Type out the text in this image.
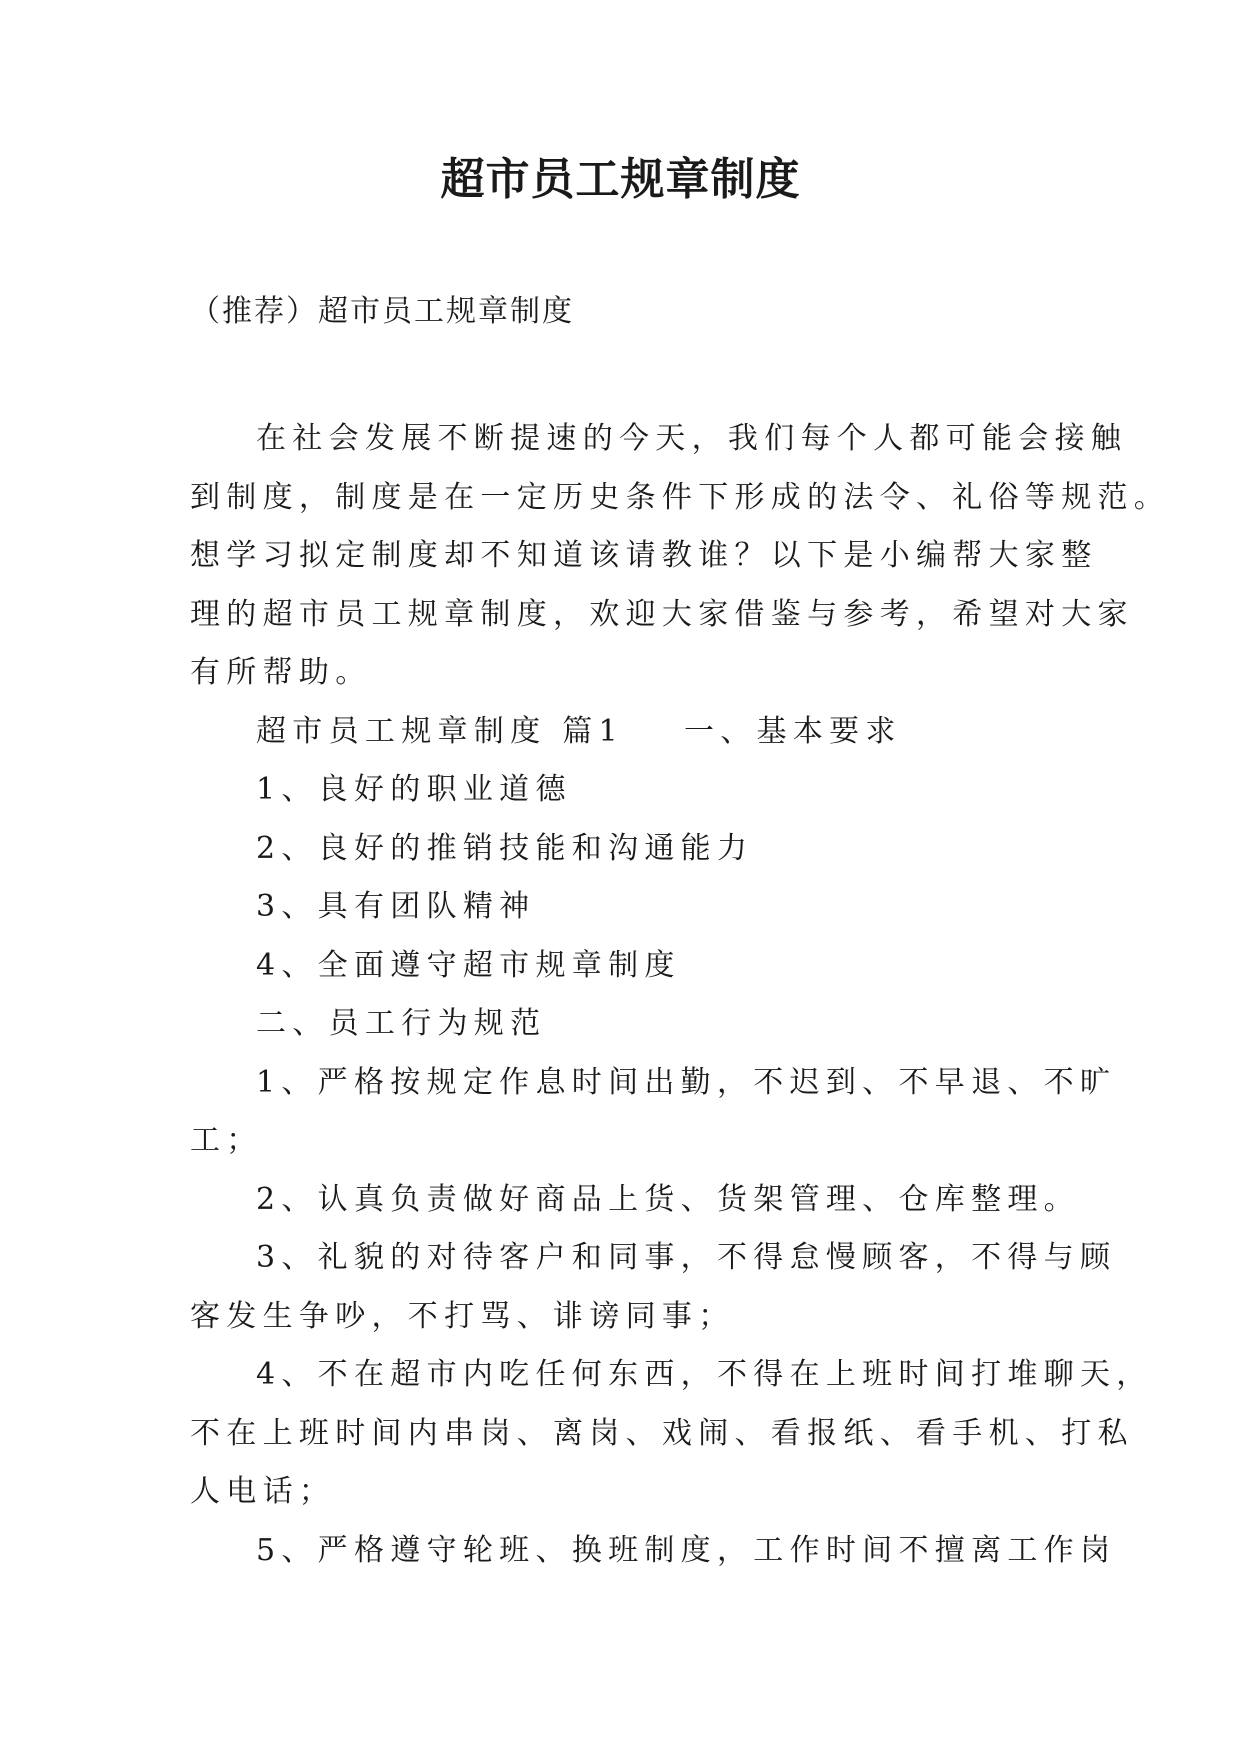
超市员工规章制度
（推荐）超市员工规章制度
在社会发展不断提速的今天，我们每个人都可能会接触
到制度，制度是在一定历史条件下形成的法令、礼俗等规范。
想学习拟定制度却不知道该请教谁？以下是小编帮大家整
理的超市员工规章制度，欢迎大家借鉴与参考，希望对大家
有所帮助。
超市员工规章制度 篇1 一、基本要求
1、良好的职业道德
2、良好的推销技能和沟通能力
3、具有团队精神
4、全面遵守超市规章制度
二、员工行为规范
1、严格按规定作息时间出勤，不迟到、不早退、不旷
工；
2、认真负责做好商品上货、货架管理、仓库整理。
3、礼貌的对待客户和同事，不得怠慢顾客，不得与顾
客发生争吵，不打骂、诽谤同事；
4、不在超市内吃任何东西，不得在上班时间打堆聊天，
不在上班时间内串岗、离岗、戏闹、看报纸、看手机、打私
人电话；
5、严格遵守轮班、换班制度，工作时间不擅离工作岗
